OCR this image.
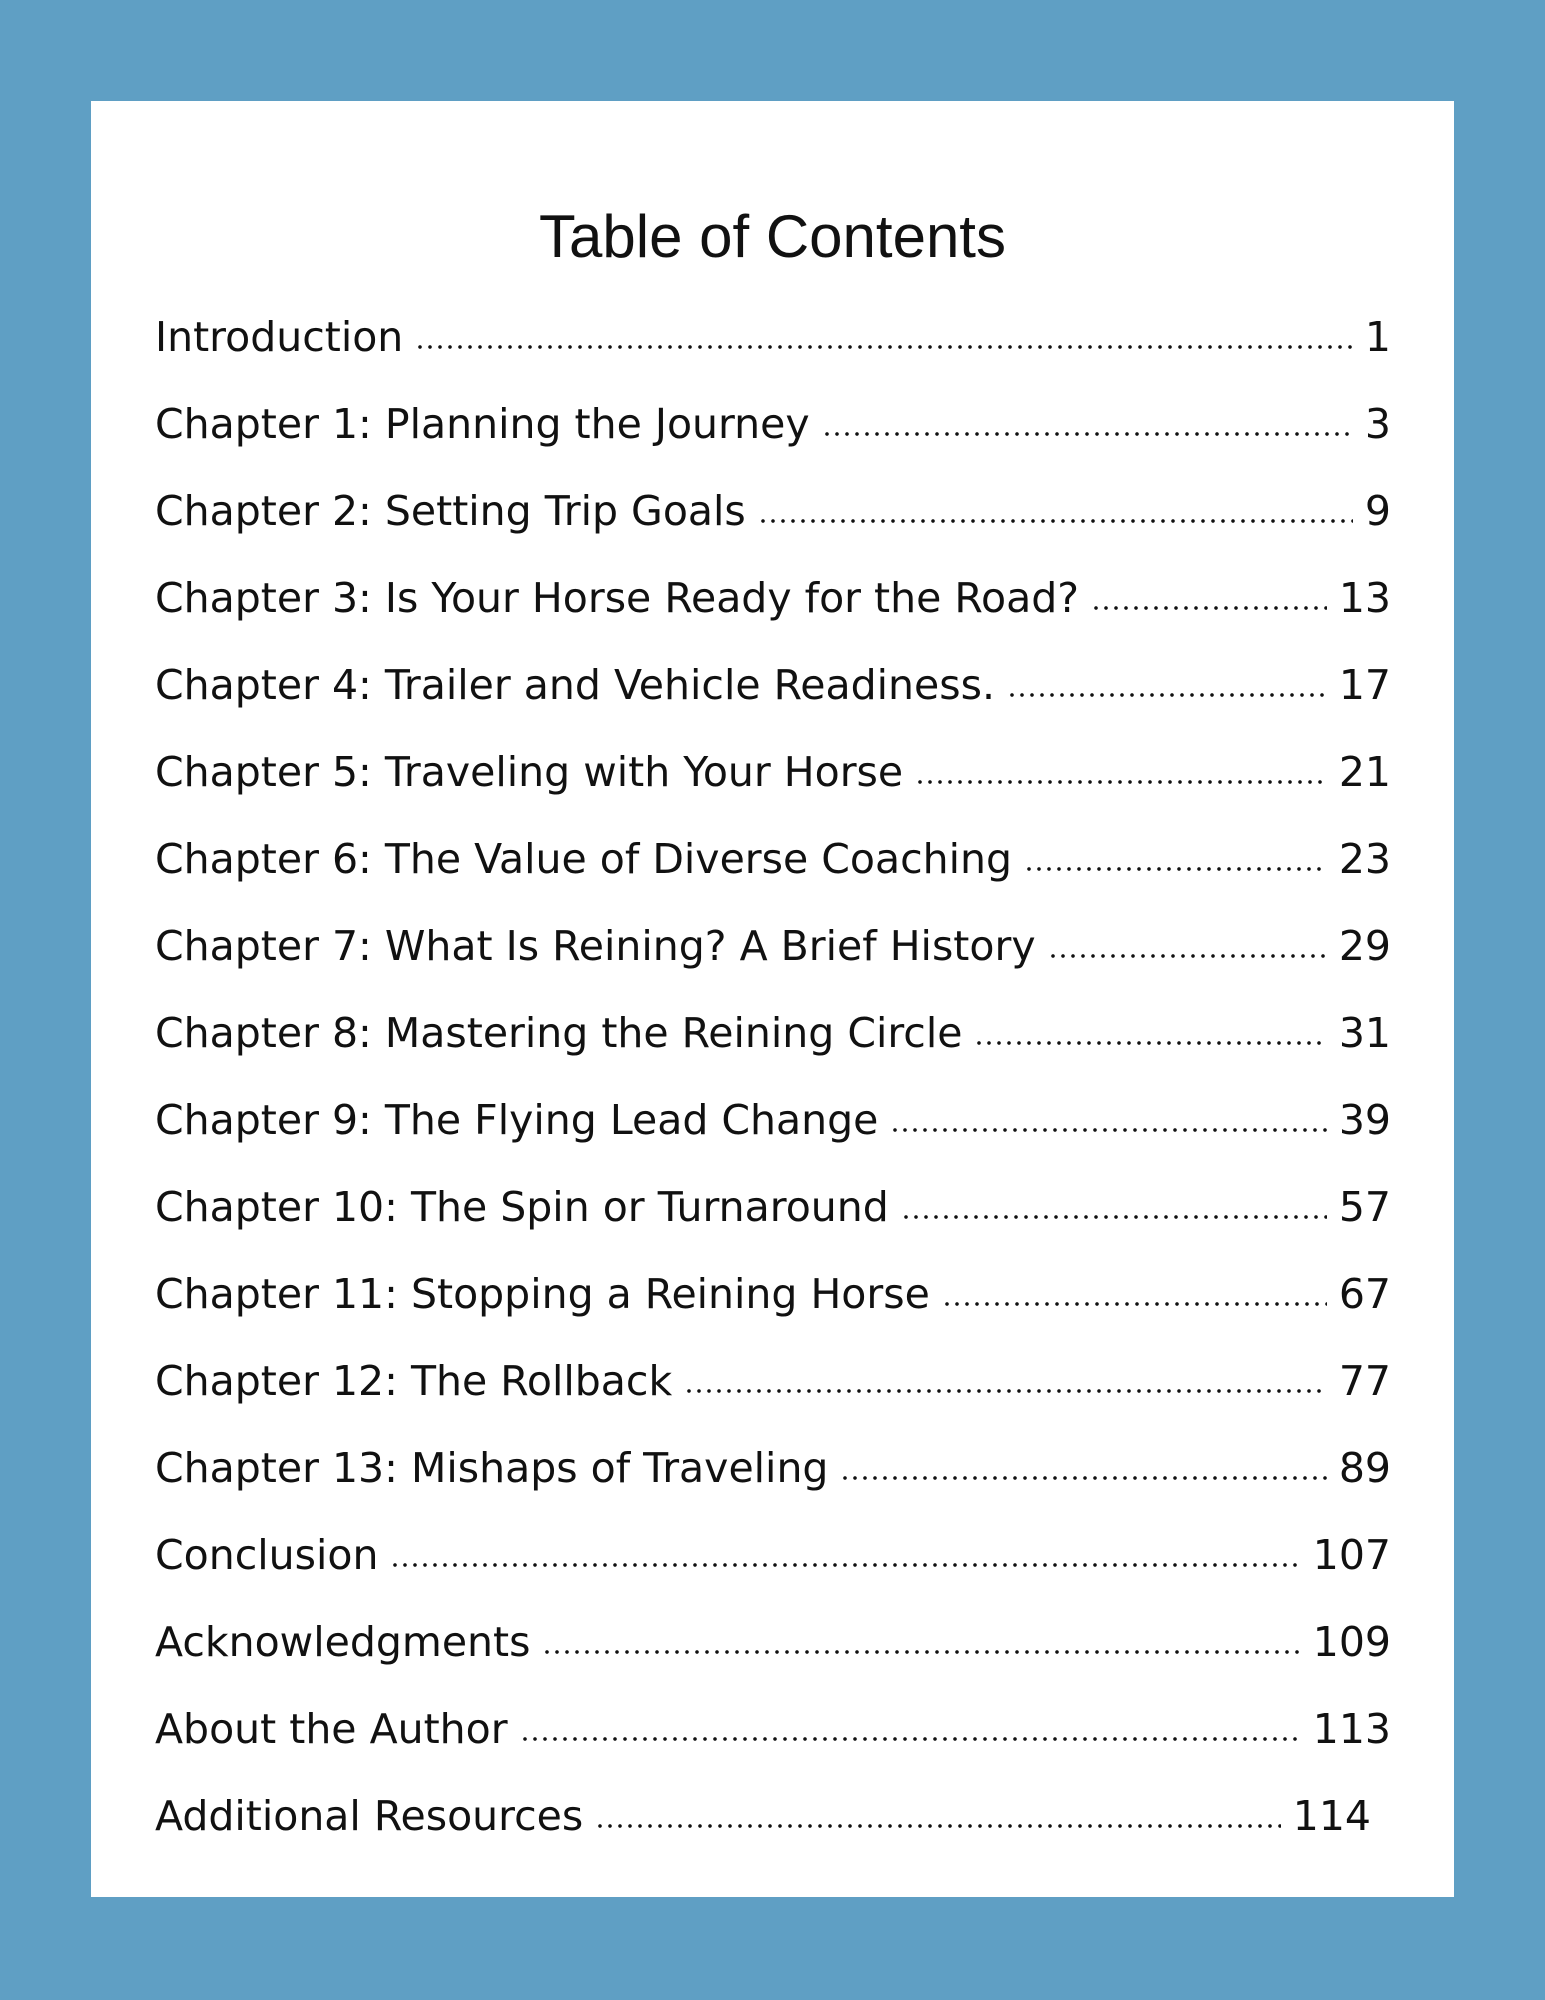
Table of Contents
Introduction	1
Chapter 1: Planning the Journey	3
Chapter 2: Setting Trip Goals	9
Chapter 3: Is Your Horse Ready for the Road?	13
Chapter 4: Trailer and Vehicle Readiness.	17
Chapter 5: Traveling with Your Horse	21
Chapter 6: The Value of Diverse Coaching	23
Chapter 7: What Is Reining? A Brief History	29
Chapter 8: Mastering the Reining Circle	31
Chapter 9: The Flying Lead Change	39
Chapter 10: The Spin or Turnaround	57
Chapter 11: Stopping a Reining Horse	67
Chapter 12: The Rollback	77
Chapter 13: Mishaps of Traveling	89
Conclusion	107
Acknowledgments	109
About the Author	113
Additional Resources	114
